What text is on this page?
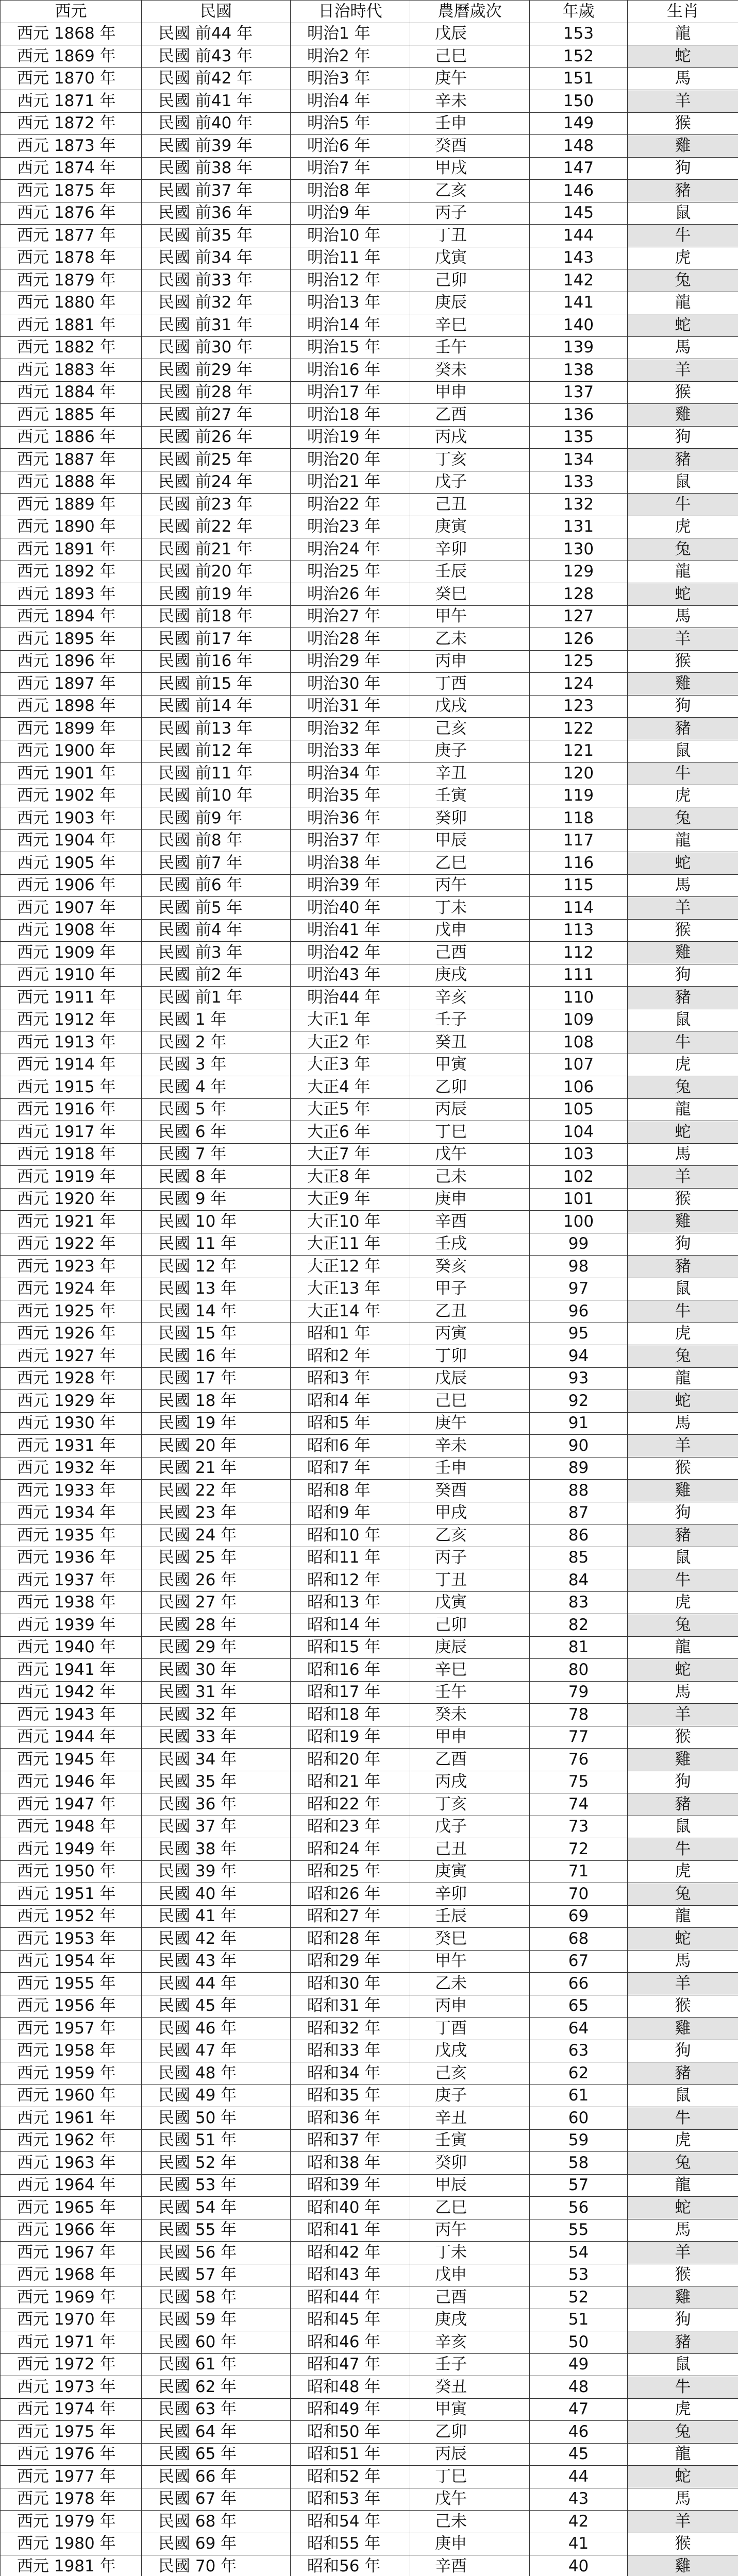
西元	民國	日治時代	農曆歲次	年歲	生肖
西元 1868 年	民國 前44 年	明治1 年	戊辰	153	龍
西元 1869 年	民國 前43 年	明治2 年	己巳	152	蛇
西元 1870 年	民國 前42 年	明治3 年	庚午	151	馬
西元 1871 年	民國 前41 年	明治4 年	辛未	150	羊
西元 1872 年	民國 前40 年	明治5 年	壬申	149	猴
西元 1873 年	民國 前39 年	明治6 年	癸酉	148	雞
西元 1874 年	民國 前38 年	明治7 年	甲戌	147	狗
西元 1875 年	民國 前37 年	明治8 年	乙亥	146	豬
西元 1876 年	民國 前36 年	明治9 年	丙子	145	鼠
西元 1877 年	民國 前35 年	明治10 年	丁丑	144	牛
西元 1878 年	民國 前34 年	明治11 年	戊寅	143	虎
西元 1879 年	民國 前33 年	明治12 年	己卯	142	兔
西元 1880 年	民國 前32 年	明治13 年	庚辰	141	龍
西元 1881 年	民國 前31 年	明治14 年	辛巳	140	蛇
西元 1882 年	民國 前30 年	明治15 年	壬午	139	馬
西元 1883 年	民國 前29 年	明治16 年	癸未	138	羊
西元 1884 年	民國 前28 年	明治17 年	甲申	137	猴
西元 1885 年	民國 前27 年	明治18 年	乙酉	136	雞
西元 1886 年	民國 前26 年	明治19 年	丙戌	135	狗
西元 1887 年	民國 前25 年	明治20 年	丁亥	134	豬
西元 1888 年	民國 前24 年	明治21 年	戊子	133	鼠
西元 1889 年	民國 前23 年	明治22 年	己丑	132	牛
西元 1890 年	民國 前22 年	明治23 年	庚寅	131	虎
西元 1891 年	民國 前21 年	明治24 年	辛卯	130	兔
西元 1892 年	民國 前20 年	明治25 年	壬辰	129	龍
西元 1893 年	民國 前19 年	明治26 年	癸巳	128	蛇
西元 1894 年	民國 前18 年	明治27 年	甲午	127	馬
西元 1895 年	民國 前17 年	明治28 年	乙未	126	羊
西元 1896 年	民國 前16 年	明治29 年	丙申	125	猴
西元 1897 年	民國 前15 年	明治30 年	丁酉	124	雞
西元 1898 年	民國 前14 年	明治31 年	戊戌	123	狗
西元 1899 年	民國 前13 年	明治32 年	己亥	122	豬
西元 1900 年	民國 前12 年	明治33 年	庚子	121	鼠
西元 1901 年	民國 前11 年	明治34 年	辛丑	120	牛
西元 1902 年	民國 前10 年	明治35 年	壬寅	119	虎
西元 1903 年	民國 前9 年	明治36 年	癸卯	118	兔
西元 1904 年	民國 前8 年	明治37 年	甲辰	117	龍
西元 1905 年	民國 前7 年	明治38 年	乙巳	116	蛇
西元 1906 年	民國 前6 年	明治39 年	丙午	115	馬
西元 1907 年	民國 前5 年	明治40 年	丁未	114	羊
西元 1908 年	民國 前4 年	明治41 年	戊申	113	猴
西元 1909 年	民國 前3 年	明治42 年	己酉	112	雞
西元 1910 年	民國 前2 年	明治43 年	庚戌	111	狗
西元 1911 年	民國 前1 年	明治44 年	辛亥	110	豬
西元 1912 年	民國 1 年	大正1 年	壬子	109	鼠
西元 1913 年	民國 2 年	大正2 年	癸丑	108	牛
西元 1914 年	民國 3 年	大正3 年	甲寅	107	虎
西元 1915 年	民國 4 年	大正4 年	乙卯	106	兔
西元 1916 年	民國 5 年	大正5 年	丙辰	105	龍
西元 1917 年	民國 6 年	大正6 年	丁巳	104	蛇
西元 1918 年	民國 7 年	大正7 年	戊午	103	馬
西元 1919 年	民國 8 年	大正8 年	己未	102	羊
西元 1920 年	民國 9 年	大正9 年	庚申	101	猴
西元 1921 年	民國 10 年	大正10 年	辛酉	100	雞
西元 1922 年	民國 11 年	大正11 年	壬戌	99	狗
西元 1923 年	民國 12 年	大正12 年	癸亥	98	豬
西元 1924 年	民國 13 年	大正13 年	甲子	97	鼠
西元 1925 年	民國 14 年	大正14 年	乙丑	96	牛
西元 1926 年	民國 15 年	昭和1 年	丙寅	95	虎
西元 1927 年	民國 16 年	昭和2 年	丁卯	94	兔
西元 1928 年	民國 17 年	昭和3 年	戊辰	93	龍
西元 1929 年	民國 18 年	昭和4 年	己巳	92	蛇
西元 1930 年	民國 19 年	昭和5 年	庚午	91	馬
西元 1931 年	民國 20 年	昭和6 年	辛未	90	羊
西元 1932 年	民國 21 年	昭和7 年	壬申	89	猴
西元 1933 年	民國 22 年	昭和8 年	癸酉	88	雞
西元 1934 年	民國 23 年	昭和9 年	甲戌	87	狗
西元 1935 年	民國 24 年	昭和10 年	乙亥	86	豬
西元 1936 年	民國 25 年	昭和11 年	丙子	85	鼠
西元 1937 年	民國 26 年	昭和12 年	丁丑	84	牛
西元 1938 年	民國 27 年	昭和13 年	戊寅	83	虎
西元 1939 年	民國 28 年	昭和14 年	己卯	82	兔
西元 1940 年	民國 29 年	昭和15 年	庚辰	81	龍
西元 1941 年	民國 30 年	昭和16 年	辛巳	80	蛇
西元 1942 年	民國 31 年	昭和17 年	壬午	79	馬
西元 1943 年	民國 32 年	昭和18 年	癸未	78	羊
西元 1944 年	民國 33 年	昭和19 年	甲申	77	猴
西元 1945 年	民國 34 年	昭和20 年	乙酉	76	雞
西元 1946 年	民國 35 年	昭和21 年	丙戌	75	狗
西元 1947 年	民國 36 年	昭和22 年	丁亥	74	豬
西元 1948 年	民國 37 年	昭和23 年	戊子	73	鼠
西元 1949 年	民國 38 年	昭和24 年	己丑	72	牛
西元 1950 年	民國 39 年	昭和25 年	庚寅	71	虎
西元 1951 年	民國 40 年	昭和26 年	辛卯	70	兔
西元 1952 年	民國 41 年	昭和27 年	壬辰	69	龍
西元 1953 年	民國 42 年	昭和28 年	癸巳	68	蛇
西元 1954 年	民國 43 年	昭和29 年	甲午	67	馬
西元 1955 年	民國 44 年	昭和30 年	乙未	66	羊
西元 1956 年	民國 45 年	昭和31 年	丙申	65	猴
西元 1957 年	民國 46 年	昭和32 年	丁酉	64	雞
西元 1958 年	民國 47 年	昭和33 年	戊戌	63	狗
西元 1959 年	民國 48 年	昭和34 年	己亥	62	豬
西元 1960 年	民國 49 年	昭和35 年	庚子	61	鼠
西元 1961 年	民國 50 年	昭和36 年	辛丑	60	牛
西元 1962 年	民國 51 年	昭和37 年	壬寅	59	虎
西元 1963 年	民國 52 年	昭和38 年	癸卯	58	兔
西元 1964 年	民國 53 年	昭和39 年	甲辰	57	龍
西元 1965 年	民國 54 年	昭和40 年	乙巳	56	蛇
西元 1966 年	民國 55 年	昭和41 年	丙午	55	馬
西元 1967 年	民國 56 年	昭和42 年	丁未	54	羊
西元 1968 年	民國 57 年	昭和43 年	戊申	53	猴
西元 1969 年	民國 58 年	昭和44 年	己酉	52	雞
西元 1970 年	民國 59 年	昭和45 年	庚戌	51	狗
西元 1971 年	民國 60 年	昭和46 年	辛亥	50	豬
西元 1972 年	民國 61 年	昭和47 年	壬子	49	鼠
西元 1973 年	民國 62 年	昭和48 年	癸丑	48	牛
西元 1974 年	民國 63 年	昭和49 年	甲寅	47	虎
西元 1975 年	民國 64 年	昭和50 年	乙卯	46	兔
西元 1976 年	民國 65 年	昭和51 年	丙辰	45	龍
西元 1977 年	民國 66 年	昭和52 年	丁巳	44	蛇
西元 1978 年	民國 67 年	昭和53 年	戊午	43	馬
西元 1979 年	民國 68 年	昭和54 年	己未	42	羊
西元 1980 年	民國 69 年	昭和55 年	庚申	41	猴
西元 1981 年	民國 70 年	昭和56 年	辛酉	40	雞
